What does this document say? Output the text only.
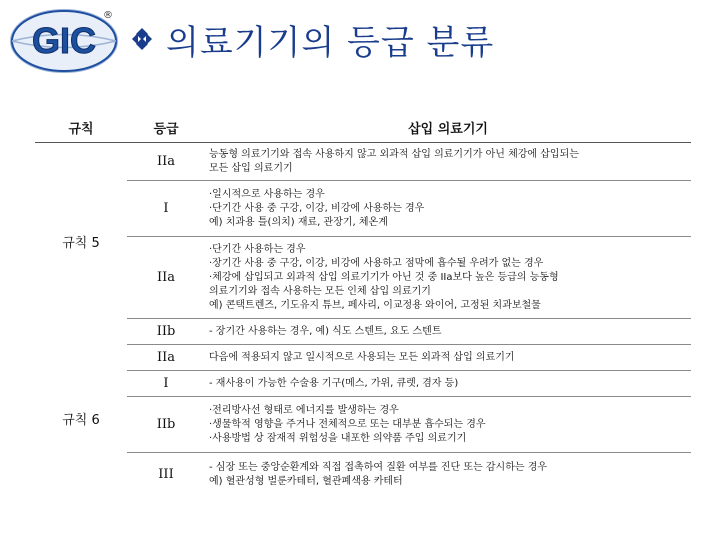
GIC
®
의료기기의 등급 분류
규칙	등급	삽입 의료기기
규칙 5	IIa	능동형 의료기기와 접속 사용하지 않고 외과적 삽입 의료기기가 아닌 체강에 삽입되는
모든 삽입 의료기기

	I	·일시적으로 사용하는 경우
·단기간 사용 중 구강, 이강, 비강에 사용하는 경우
예) 치과용 틀(의치) 재료, 관장기, 체온계

	IIa	·단기간 사용하는 경우
·장기간 사용 중 구강, 이강, 비강에 사용하고 점막에 흡수될 우려가 없는 경우
·체강에 삽입되고 외과적 삽입 의료기기가 아닌 것 중 IIa보다 높은 등급의 능동형
의료기기와 접속 사용하는 모든 인체 삽입 의료기기
예) 콘택트렌즈, 기도유지 튜브, 페사리, 이교정용 와이어, 고정된 치과보철물

	IIb	- 장기간 사용하는 경우, 예) 식도 스텐트, 요도 스텐트

규칙 6	IIa	다음에 적용되지 않고 일시적으로 사용되는 모든 외과적 삽입 의료기기

	I	- 재사용이 가능한 수술용 기구(메스, 가위, 큐렛, 겸자 등)

	IIb	·전리방사선 형태로 에너지를 발생하는 경우
·생물학적 영향을 주거나 전체적으로 또는 대부분 흡수되는 경우
·사용방법 상 잠재적 위험성을 내포한 의약품 주입 의료기기

	III	- 심장 또는 중앙순환계와 직접 접촉하여 질환 여부를 진단 또는 감시하는 경우
예) 혈관성형 벌룬카테터, 혈관폐색용 카테터
